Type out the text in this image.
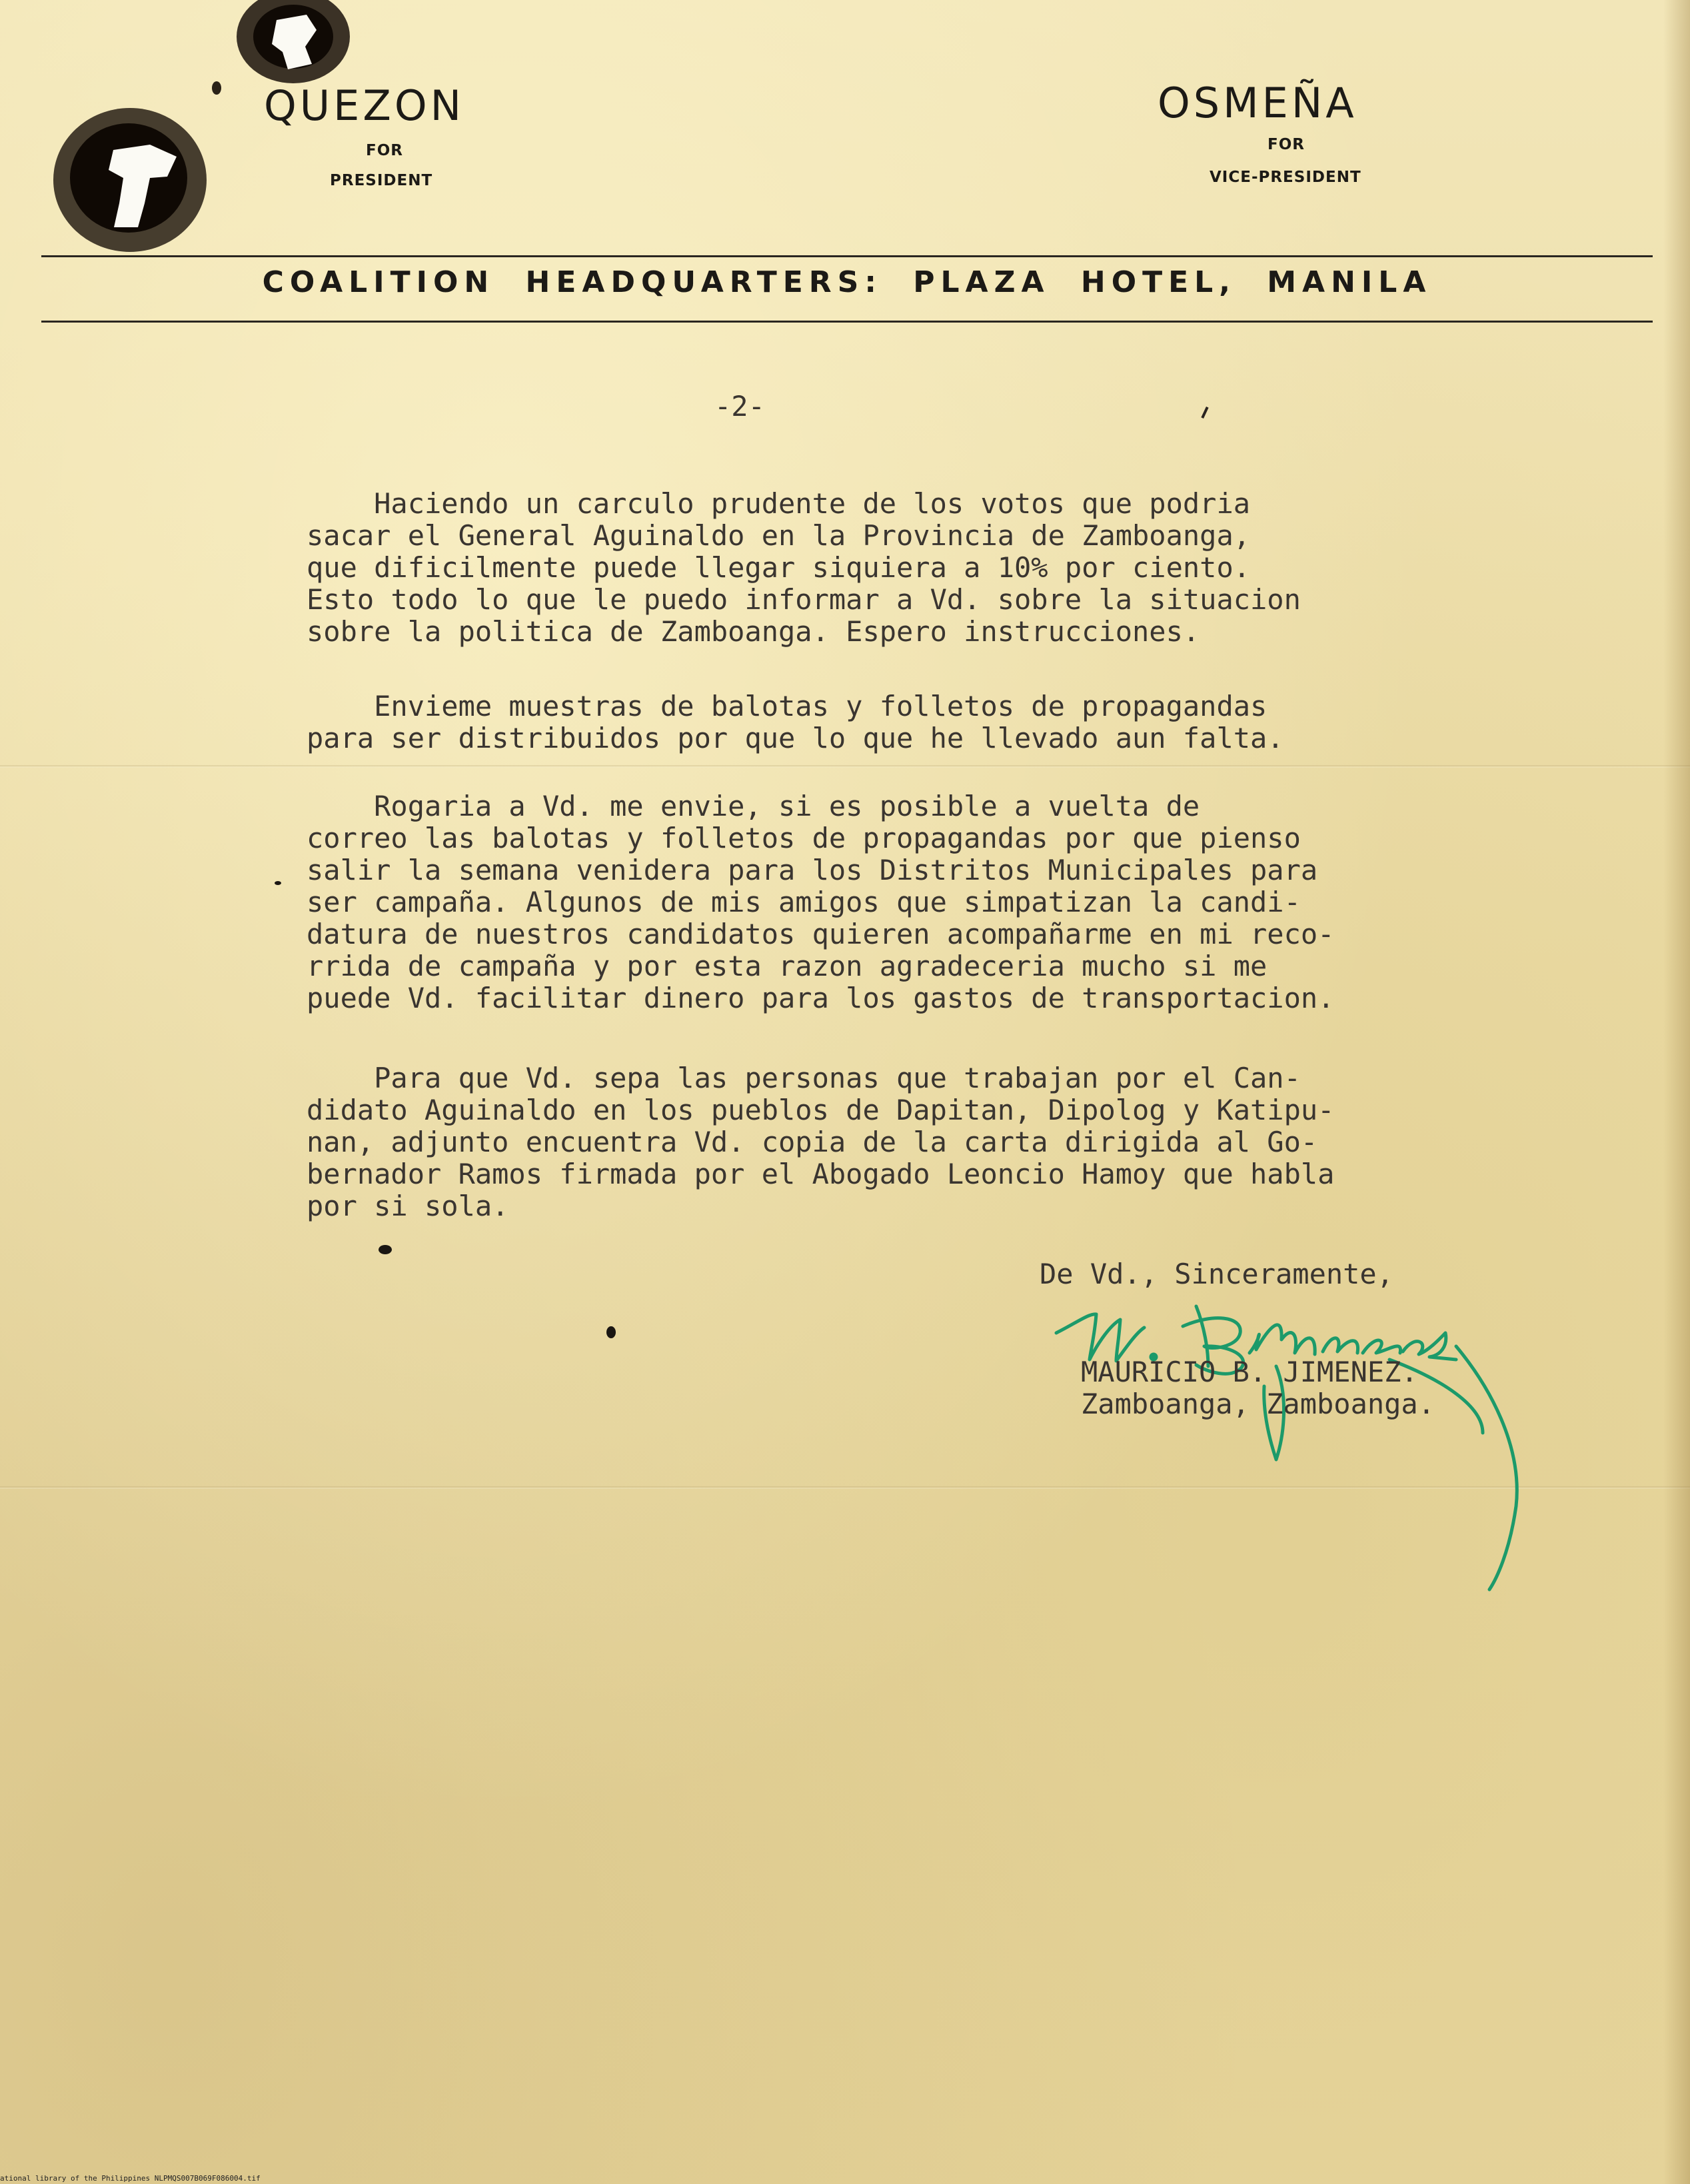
QUEZON
FOR
PRESIDENT
OSMEÑA
FOR
VICE-PRESIDENT
COALITION HEADQUARTERS: PLAZA HOTEL, MANILA
-2-
Haciendo un carculo prudente de los votos que podria
sacar el General Aguinaldo en la Provincia de Zamboanga,
que dificilmente puede llegar siquiera a 10% por ciento.
Esto todo lo que le puedo informar a Vd. sobre la situacion
sobre la politica de Zamboanga. Espero instrucciones.
Envieme muestras de balotas y folletos de propagandas
para ser distribuidos por que lo que he llevado aun falta.
Rogaria a Vd. me envie, si es posible a vuelta de
correo las balotas y folletos de propagandas por que pienso
salir la semana venidera para los Distritos Municipales para
ser campaña. Algunos de mis amigos que simpatizan la candi-
datura de nuestros candidatos quieren acompañarme en mi reco-
rrida de campaña y por esta razon agradeceria mucho si me
puede Vd. facilitar dinero para los gastos de transportacion.
Para que Vd. sepa las personas que trabajan por el Can-
didato Aguinaldo en los pueblos de Dapitan, Dipolog y Katipu-
nan, adjunto encuentra Vd. copia de la carta dirigida al Go-
bernador Ramos firmada por el Abogado Leoncio Hamoy que habla
por si sola.
De Vd., Sinceramente,
MAURICIO B. JIMENEZ.
Zamboanga, Zamboanga.
ational library of the Philippines NLPMQS007B069F086004.tif
